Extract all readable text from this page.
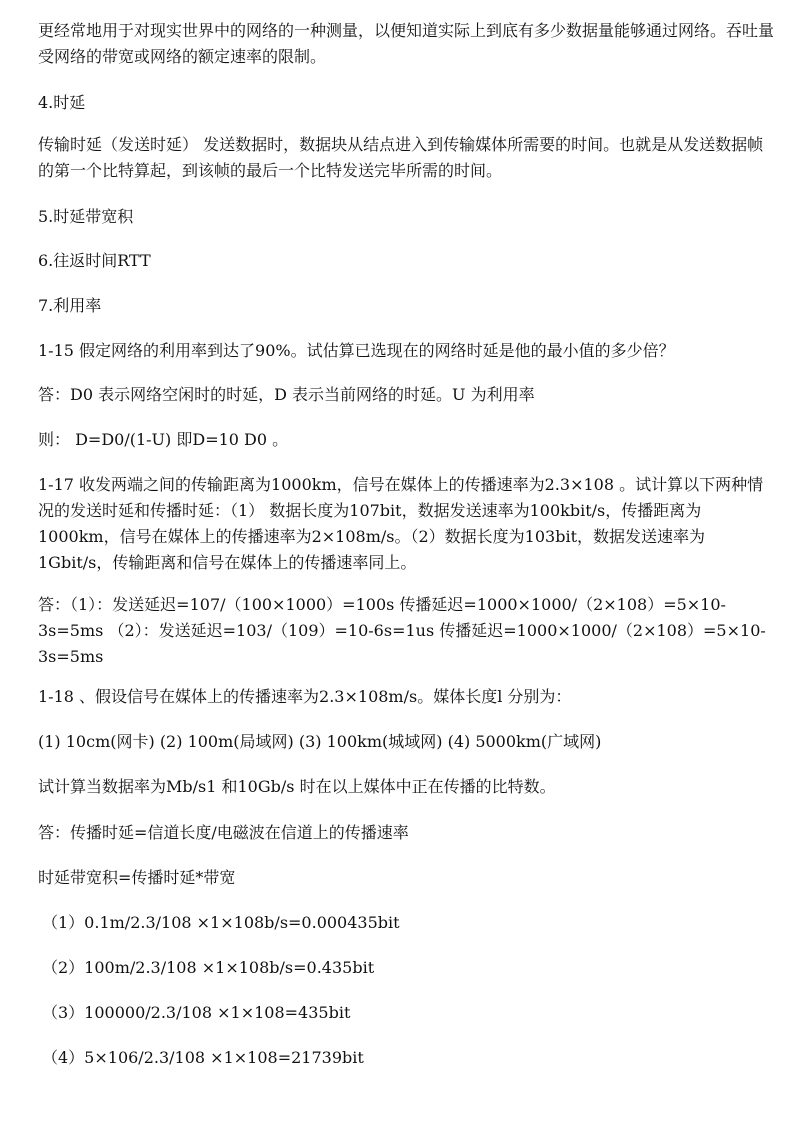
更经常地用于对现实世界中的网络的一种测量，以便知道实际上到底有多少数据量能够通过网络。吞吐量受网络的带宽或网络的额定速率的限制。

4.时延

传输时延（发送时延） 发送数据时，数据块从结点进入到传输媒体所需要的时间。也就是从发送数据帧的第一个比特算起，到该帧的最后一个比特发送完毕所需的时间。

5.时延带宽积

6.往返时间RTT

7.利用率

1-15 假定网络的利用率到达了90%。试估算已选现在的网络时延是他的最小值的多少倍？

答：D0 表示网络空闲时的时延，D 表示当前网络的时延。U 为利用率

则： D=D0/(1-U) 即D=10 D0 。

1-17 收发两端之间的传输距离为1000km，信号在媒体上的传播速率为2.3×108 。试计算以下两种情况的发送时延和传播时延：（1） 数据长度为107bit，数据发送速率为100kbit/s，传播距离为1000km，信号在媒体上的传播速率为2×108m/s。（2）数据长度为103bit，数据发送速率为1Gbit/s，传输距离和信号在媒体上的传播速率同上。

答：（1）：发送延迟=107/（100×1000）=100s 传播延迟=1000×1000/（2×108）=5×10-3s=5ms （2）：发送延迟=103/（109）=10-6s=1us 传播延迟=1000×1000/（2×108）=5×10-3s=5ms

1-18 、假设信号在媒体上的传播速率为2.3×108m/s。媒体长度l 分别为：

(1) 10cm(网卡) (2) 100m(局域网) (3) 100km(城域网) (4) 5000km(广域网)

试计算当数据率为Mb/s1 和10Gb/s 时在以上媒体中正在传播的比特数。

答：传播时延=信道长度/电磁波在信道上的传播速率

时延带宽积=传播时延*带宽

（1）0.1m/2.3/108 ×1×108b/s=0.000435bit

（2）100m/2.3/108 ×1×108b/s=0.435bit

（3）100000/2.3/108 ×1×108=435bit

（4）5×106/2.3/108 ×1×108=21739bit
